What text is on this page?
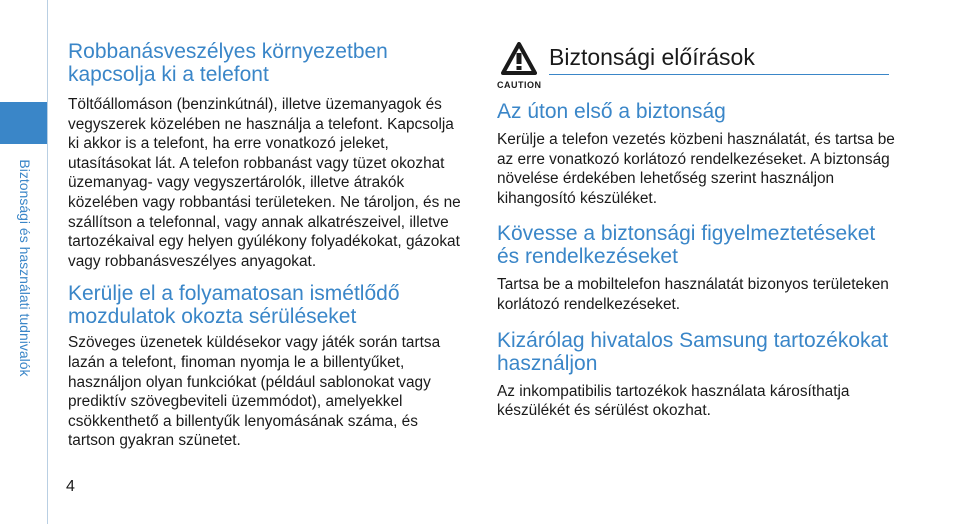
Biztonsági és használati tudnivalók
4
Robbanásveszélyes környezetben kapcsolja ki a telefont

Töltőállomáson (benzinkútnál), illetve üzemanyagok és vegyszerek közelében ne használja a telefont. Kapcsolja ki akkor is a telefont, ha erre vonatkozó jeleket, utasításokat lát. A telefon robbanást vagy tüzet okozhat üzemanyag- vagy vegyszertárolók, illetve átrakók közelében vagy robbantási területeken. Ne tároljon, és ne szállítson a telefonnal, vagy annak alkatrészeivel, illetve tartozékaival egy helyen gyúlékony folyadékokat, gázokat vagy robbanásveszélyes anyagokat.

Kerülje el a folyamatosan ismétlődő mozdulatok okozta sérüléseket

Szöveges üzenetek küldésekor vagy játék során tartsa lazán a telefont, finoman nyomja le a billentyűket, használjon olyan funkciókat (például sablonokat vagy prediktív szövegbeviteli üzemmódot), amelyekkel csökkenthető a billentyűk lenyomásának száma, és tartson gyakran szünetet.

CAUTION
Biztonsági előírások
Az úton első a biztonság

Kerülje a telefon vezetés közbeni használatát, és tartsa be az erre vonatkozó korlátozó rendelkezéseket. A biztonság növelése érdekében lehetőség szerint használjon kihangosító készüléket.

Kövesse a biztonsági figyelmeztetéseket és rendelkezéseket

Tartsa be a mobiltelefon használatát bizonyos területeken korlátozó rendelkezéseket.

Kizárólag hivatalos Samsung tartozékokat használjon

Az inkompatibilis tartozékok használata károsíthatja készülékét és sérülést okozhat.
